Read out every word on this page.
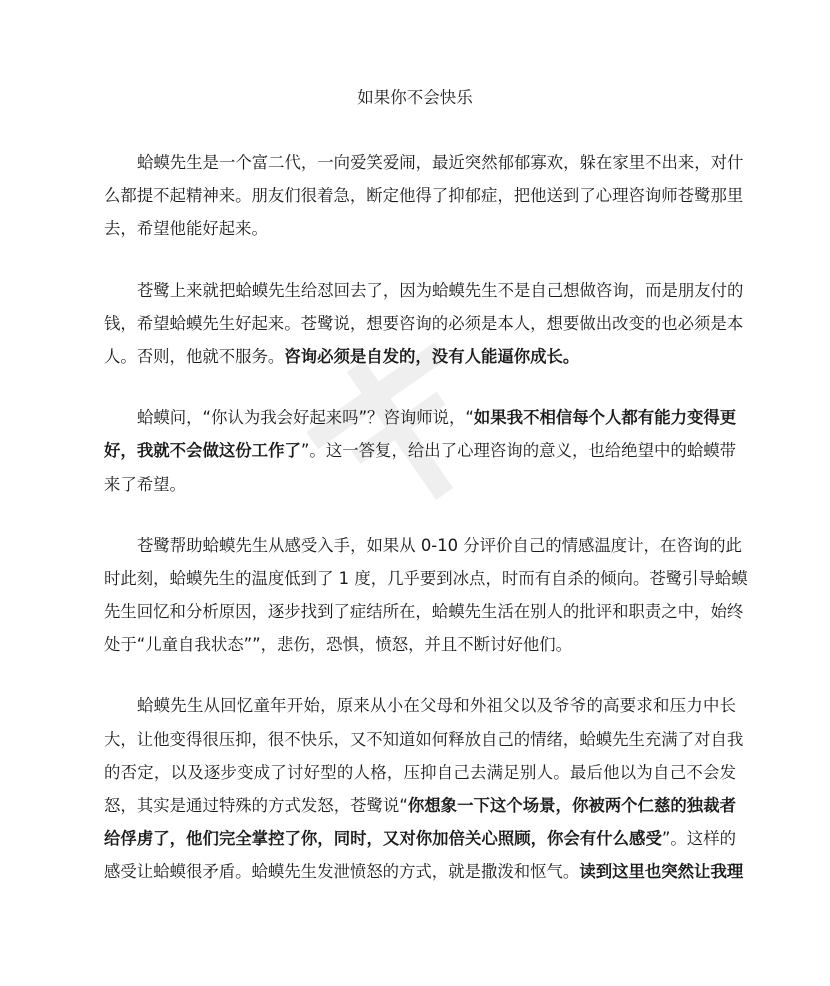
如果你不会快乐
蛤蟆先生是一个富二代，一向爱笑爱闹，最近突然郁郁寡欢，躲在家里不出来，对什
么都提不起精神来。朋友们很着急，断定他得了抑郁症，把他送到了心理咨询师苍鹭那里
去，希望他能好起来。
苍鹭上来就把蛤蟆先生给怼回去了，因为蛤蟆先生不是自己想做咨询，而是朋友付的
钱，希望蛤蟆先生好起来。苍鹭说，想要咨询的必须是本人，想要做出改变的也必须是本
人。否则，他就不服务。咨询必须是自发的，没有人能逼你成长。
蛤蟆问，“你认为我会好起来吗”？咨询师说，“如果我不相信每个人都有能力变得更
好，我就不会做这份工作了”。这一答复，给出了心理咨询的意义，也给绝望中的蛤蟆带
来了希望。
苍鹭帮助蛤蟆先生从感受入手，如果从 0-10 分评价自己的情感温度计，在咨询的此
时此刻，蛤蟆先生的温度低到了 1 度，几乎要到冰点，时而有自杀的倾向。苍鹭引导蛤蟆
先生回忆和分析原因，逐步找到了症结所在，蛤蟆先生活在别人的批评和职责之中，始终
处于“儿童自我状态””，悲伤，恐惧，愤怒，并且不断讨好他们。
蛤蟆先生从回忆童年开始，原来从小在父母和外祖父以及爷爷的高要求和压力中长
大，让他变得很压抑，很不快乐，又不知道如何释放自己的情绪，蛤蟆先生充满了对自我
的否定，以及逐步变成了讨好型的人格，压抑自己去满足别人。最后他以为自己不会发
怒，其实是通过特殊的方式发怒，苍鹭说“你想象一下这个场景，你被两个仁慈的独裁者
给俘虏了，他们完全掌控了你，同时，又对你加倍关心照顾，你会有什么感受”。这样的
感受让蛤蟆很矛盾。蛤蟆先生发泄愤怒的方式，就是撒泼和怄气。读到这里也突然让我理
